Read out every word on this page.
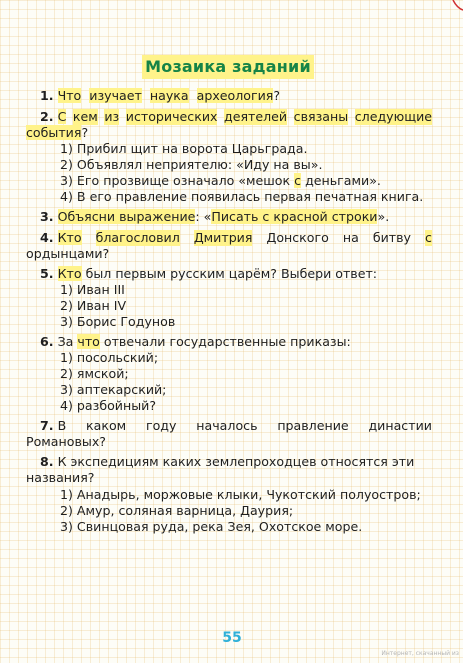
Мозаика заданий
1. Что изучает наука археология?
2. С кем из исторических деятелей связаны следующие
события?
1) Прибил щит на ворота Царьграда.
2) Объявлял неприятелю: «Иду на вы».
3) Его прозвище означало «мешок с деньгами».
4) В его правление появилась первая печатная книга.
3. Объясни выражение: «Писать с красной строки».
4. Кто благословил Дмитрия Донского на битву с
ордынцами?
5. Кто был первым русским царём? Выбери ответ:
1) Иван III
2) Иван IV
3) Борис Годунов
6. За что отвечали государственные приказы:
1) посольский;
2) ямской;
3) аптекарский;
4) разбойный?
7. В каком году началось правление династии
Романовых?
8. К экспедициям каких землепроходцев относятся эти
названия?
1) Анадырь, моржовые клыки, Чукотский полуостров;
2) Амур, соляная варница, Даурия;
3) Свинцовая руда, река Зея, Охотское море.
55
Интернет, скачанный из
